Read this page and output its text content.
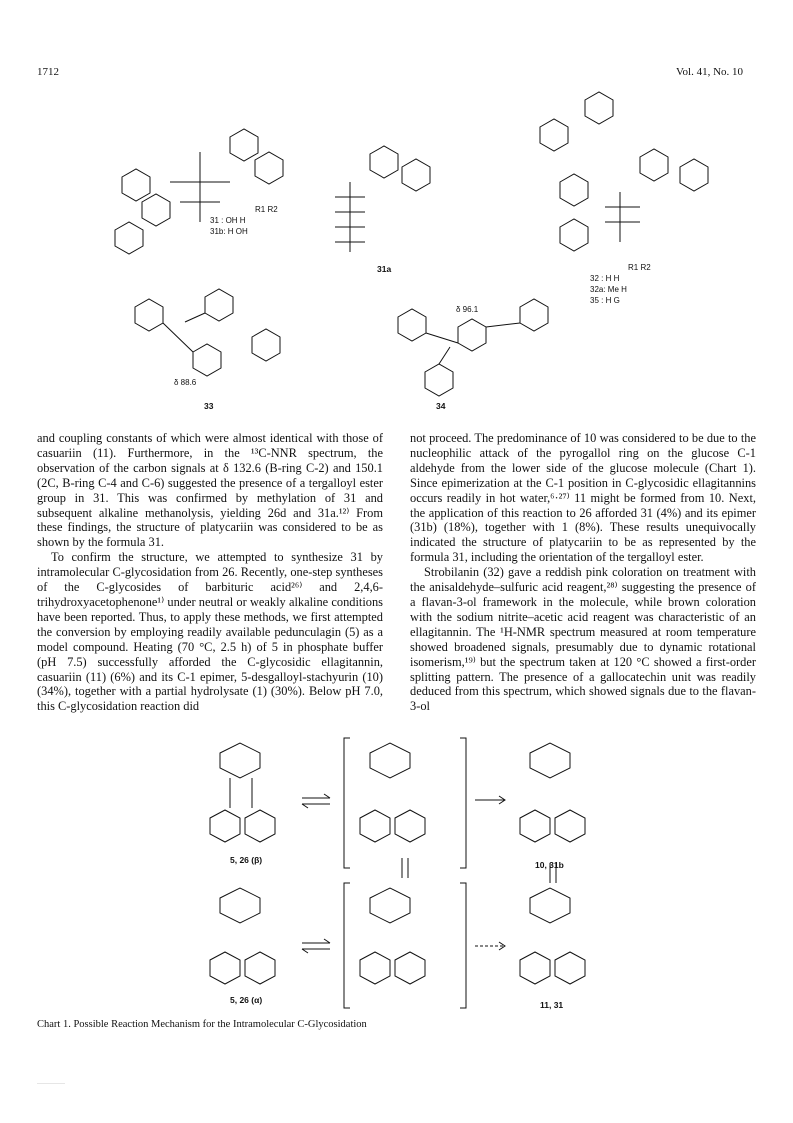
1712	Vol. 41, No. 10
R1 R2
31 : OH H
31b: H OH
31a	R1 R2
32 : H H
32a: Me H
35 : H G
δ 88.6
33
δ 96.1
34

and coupling constants of which were almost identical with those of casuariin (11). Furthermore, in the ¹³C-NNR spectrum, the observation of the carbon signals at δ 132.6 (B-ring C-2) and 150.1 (2C, B-ring C-4 and C-6) suggested the presence of a tergalloyl ester group in 31. This was confirmed by methylation of 31 and subsequent alkaline methanolysis, yielding 26d and 31a.¹²⁾ From these findings, the structure of platycariin was considered to be as shown by the formula 31.

To confirm the structure, we attempted to synthesize 31 by intramolecular C-glycosidation from 26. Recently, one-step syntheses of the C-glycosides of barbituric acid²⁶⁾ and 2,4,6-trihydroxyacetophenone¹⁾ under neutral or weakly alkaline conditions have been reported. Thus, to apply these methods, we first attempted the conversion by employing readily available pedunculagin (5) as a model compound. Heating (70 °C, 2.5 h) of 5 in phosphate buffer (pH 7.5) successfully afforded the C-glycosidic ellagitannin, casuariin (11) (6%) and its C-1 epimer, 5-desgalloyl-stachyurin (10) (34%), together with a partial hydrolysate (1) (30%). Below pH 7.0, this C-glycosidation reaction did

not proceed. The predominance of 10 was considered to be due to the nucleophilic attack of the pyrogallol ring on the glucose C-1 aldehyde from the lower side of the glucose molecule (Chart 1). Since epimerization at the C-1 position in C-glycosidic ellagitannins occurs readily in hot water,⁶·²⁷⁾ 11 might be formed from 10. Next, the application of this reaction to 26 afforded 31 (4%) and its epimer (31b) (18%), together with 1 (8%). These results unequivocally indicated the structure of platycariin to be as represented by the formula 31, including the orientation of the tergalloyl ester.

Strobilanin (32) gave a reddish pink coloration on treatment with the anisaldehyde–sulfuric acid reagent,²⁸⁾ suggesting the presence of a flavan-3-ol framework in the molecule, while brown coloration with the sodium nitrite–acetic acid reagent was characteristic of an ellagitannin. The ¹H-NMR spectrum measured at room temperature showed broadened signals, presumably due to dynamic rotational isomerism,¹⁹⁾ but the spectrum taken at 120 °C showed a first-order splitting pattern. The presence of a gallocatechin unit was readily deduced from this spectrum, which showed signals due to the flavan-3-ol

5, 26 (β)	10, 31b
5, 26 (α)	11, 31
Chart 1. Possible Reaction Mechanism for the Intramolecular C-Glycosidation
